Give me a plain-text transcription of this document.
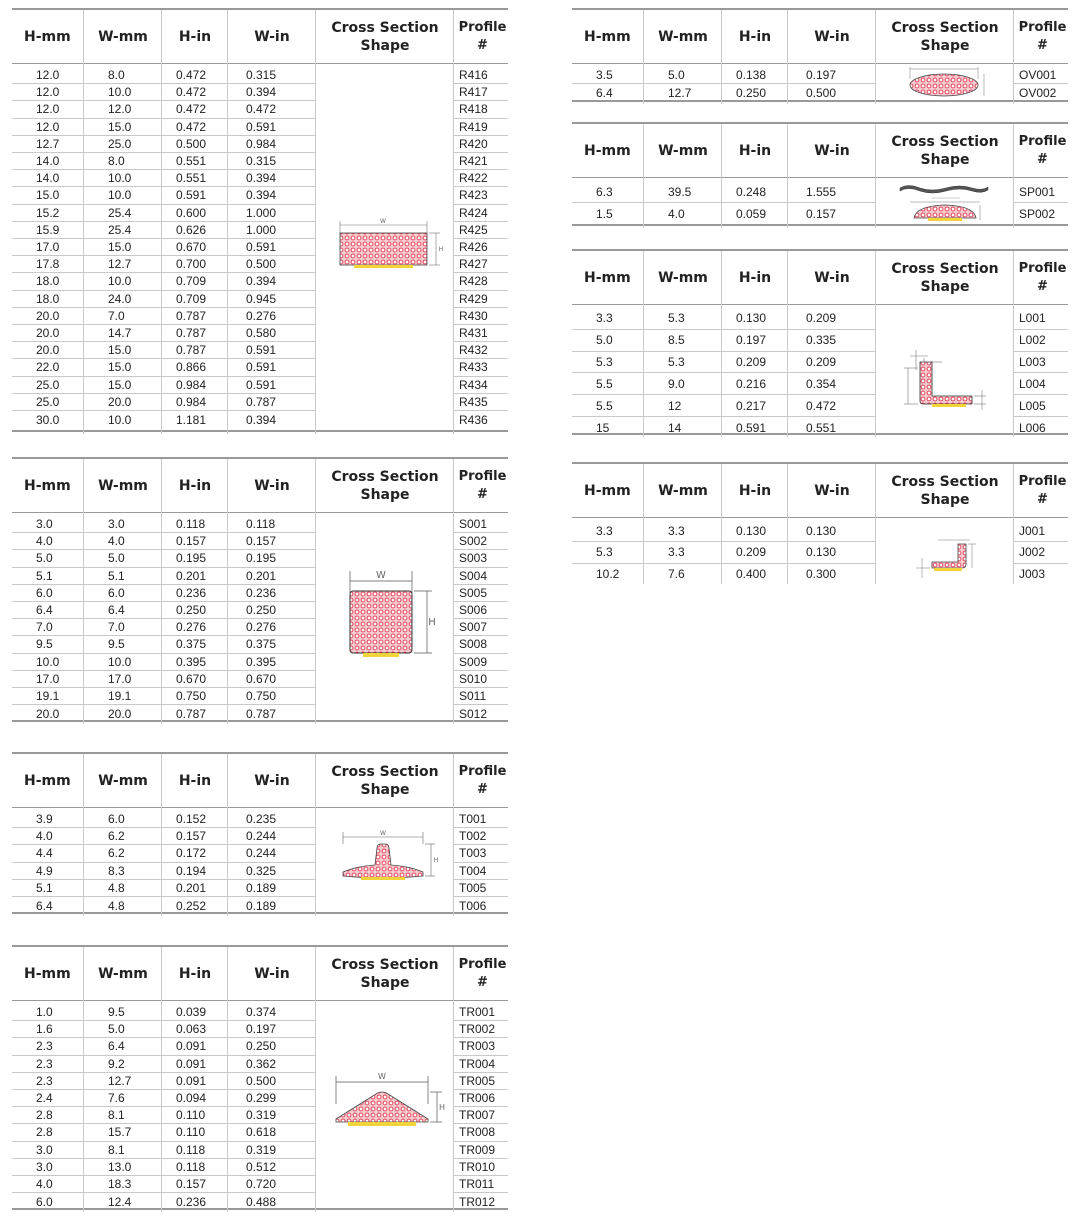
H-mm	W-mm	H-in	W-in
Cross Section
Shape
Profile #
12.0	8.0	0.472	0.315	R416
12.0	10.0	0.472	0.394	R417
12.0	12.0	0.472	0.472	R418
12.0	15.0	0.472	0.591	R419
12.7	25.0	0.500	0.984	R420
14.0	8.0	0.551	0.315	R421
14.0	10.0	0.551	0.394	R422
15.0	10.0	0.591	0.394	R423
15.2	25.4	0.600	1.000	R424
15.9	25.4	0.626	1.000	R425
17.0	15.0	0.670	0.591	R426
17.8	12.7	0.700	0.500	R427
18.0	10.0	0.709	0.394	R428
18.0	24.0	0.709	0.945	R429
20.0	7.0	0.787	0.276	R430
20.0	14.7	0.787	0.580	R431
20.0	15.0	0.787	0.591	R432
22.0	15.0	0.866	0.591	R433
25.0	15.0	0.984	0.591	R434
25.0	20.0	0.984	0.787	R435
30.0	10.0	1.181	0.394	R436
W
H
H-mm	W-mm	H-in	W-in
Cross Section
Shape
Profile #
3.0	3.0	0.118	0.118	S001
4.0	4.0	0.157	0.157	S002
5.0	5.0	0.195	0.195	S003
5.1	5.1	0.201	0.201	S004
6.0	6.0	0.236	0.236	S005
6.4	6.4	0.250	0.250	S006
7.0	7.0	0.276	0.276	S007
9.5	9.5	0.375	0.375	S008
10.0	10.0	0.395	0.395	S009
17.0	17.0	0.670	0.670	S010
19.1	19.1	0.750	0.750	S011
20.0	20.0	0.787	0.787	S012
W
H
H-mm	W-mm	H-in	W-in
Cross Section
Shape
Profile #
3.9	6.0	0.152	0.235	T001
4.0	6.2	0.157	0.244	T002
4.4	6.2	0.172	0.244	T003
4.9	8.3	0.194	0.325	T004
5.1	4.8	0.201	0.189	T005
6.4	4.8	0.252	0.189	T006
W
H
H-mm	W-mm	H-in	W-in
Cross Section
Shape
Profile #
1.0	9.5	0.039	0.374	TR001
1.6	5.0	0.063	0.197	TR002
2.3	6.4	0.091	0.250	TR003
2.3	9.2	0.091	0.362	TR004
2.3	12.7	0.091	0.500	TR005
2.4	7.6	0.094	0.299	TR006
2.8	8.1	0.110	0.319	TR007
2.8	15.7	0.110	0.618	TR008
3.0	8.1	0.118	0.319	TR009
3.0	13.0	0.118	0.512	TR010
4.0	18.3	0.157	0.720	TR011
6.0	12.4	0.236	0.488	TR012
W
H
H-mm	W-mm	H-in	W-in
Cross Section
Shape
Profile #
3.5	5.0	0.138	0.197	OV001
6.4	12.7	0.250	0.500	OV002
H-mm	W-mm	H-in	W-in
Cross Section
Shape
Profile #
6.3	39.5	0.248	1.555	SP001
1.5	4.0	0.059	0.157	SP002
H-mm	W-mm	H-in	W-in
Cross Section
Shape
Profile #
3.3	5.3	0.130	0.209	L001
5.0	8.5	0.197	0.335	L002
5.3	5.3	0.209	0.209	L003
5.5	9.0	0.216	0.354	L004
5.5	12	0.217	0.472	L005
15	14	0.591	0.551	L006
H-mm	W-mm	H-in	W-in
Cross Section
Shape
Profile #
3.3	3.3	0.130	0.130	J001
5.3	3.3	0.209	0.130	J002
10.2	7.6	0.400	0.300	J003
